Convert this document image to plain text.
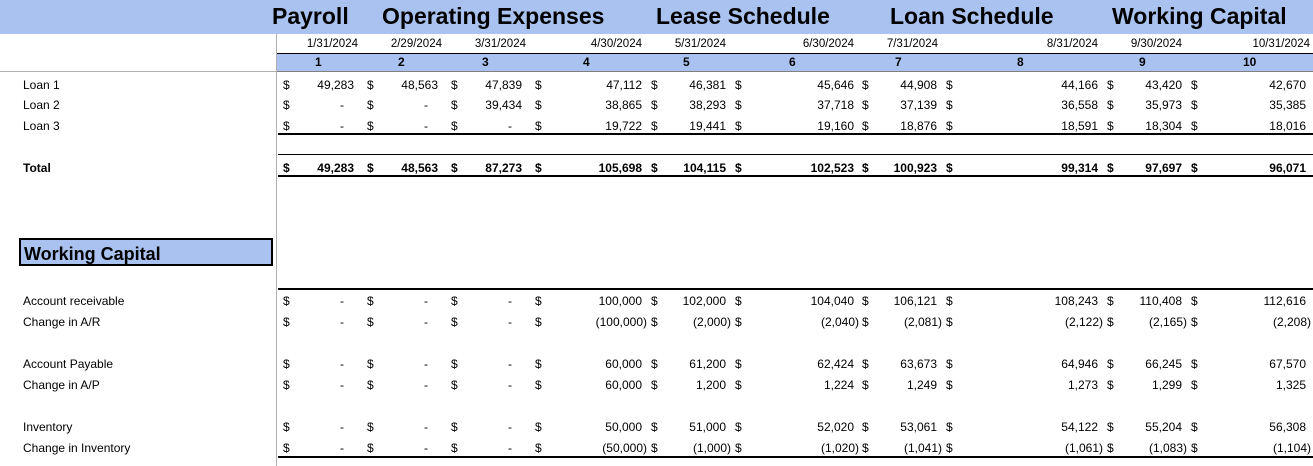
Payroll Operating Expenses Lease Schedule	Loan Schedule	Working Capital
1/31/2024	2/29/2024	3/31/2024	4/30/2024	5/31/2024	6/30/2024	7/31/2024	8/31/2024	9/30/2024	10/31/2024
1	2	3	4	5	6	7	8	9	10
Loan 1	$ 49,283 $ 48,563 $ 47,839 $	47,112 $	46,381 $	45,646 $	44,908 $	44,166 $	43,420 $	42,670
Loan 2	$	- $	- $ 39,434 $	38,865 $	38,293 $	37,718 $	37,139 $	36,558 $	35,973 $	35,385
Loan 3	$	- $	- $	- $	19,722 $	19,441 $	19,160 $	18,876 $	18,591 $	18,304 $	18,016
Total	$ 49,283 $ 48,563 $ 87,273 $	105,698 $ 104,115 $	102,523 $ 100,923 $	99,314 $	97,697 $	96,071
Working Capital
Account receivable	$	- $	- $	- $	100,000 $ 102,000 $	104,040 $ 106,121 $	108,243 $ 110,408 $	112,616
Change in A/R	$	- $	- $	- $	(100,000) $	(2,000) $	(2,040) $	(2,081) $	(2,122) $	(2,165) $	(2,208)
Account Payable	$	- $	- $	- $	60,000 $	61,200 $	62,424 $	63,673 $	64,946 $	66,245 $	67,570
Change in A/P	$	- $	- $	- $	60,000 $	1,200 $	1,224 $	1,249 $	1,273 $	1,299 $	1,325
Inventory	$	- $	- $	- $	50,000 $	51,000 $	52,020 $	53,061 $	54,122 $	55,204 $	56,308
Change in Inventory	$	- $	- $	- $	(50,000) $	(1,000) $	(1,020) $	(1,041) $	(1,061) $	(1,083) $	(1,104)
